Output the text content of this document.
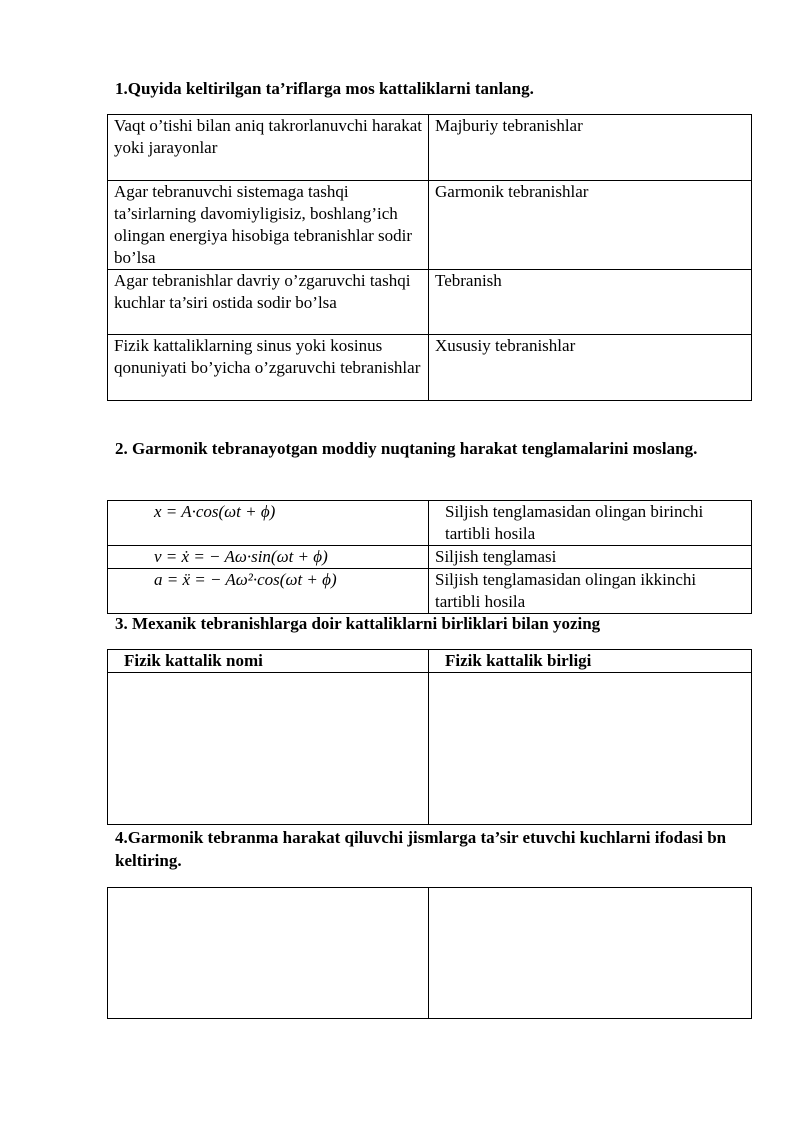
1.Quyida keltirilgan ta’riflarga mos kattaliklarni tanlang.
Vaqt o’tishi bilan aniq takrorlanuvchi harakat yoki jarayonlar	Majburiy tebranishlar
Agar tebranuvchi sistemaga tashqi ta’sirlarning davomiyligisiz, boshlang’ich olingan energiya hisobiga tebranishlar sodir bo’lsa	Garmonik tebranishlar
Agar tebranishlar davriy o’zgaruvchi tashqi kuchlar ta’siri ostida sodir bo’lsa	Tebranish
Fizik kattaliklarning sinus yoki kosinus qonuniyati bo’yicha o’zgaruvchi tebranishlar	Xususiy tebranishlar
2. Garmonik tebranayotgan moddiy nuqtaning harakat tenglamalarini moslang.
x = A·cos(ωt + ϕ)	Siljish tenglamasidan olingan birinchi tartibli hosila
v = ẋ = − Aω·sin(ωt + ϕ)	Siljish tenglamasi
a = ẍ = − Aω²·cos(ωt + ϕ)	Siljish tenglamasidan olingan ikkinchi tartibli hosila
3. Mexanik tebranishlarga doir kattaliklarni birliklari bilan yozing
Fizik kattalik nomi	Fizik kattalik birligi

4.Garmonik tebranma harakat qiluvchi jismlarga ta’sir etuvchi kuchlarni ifodasi bn keltiring.
